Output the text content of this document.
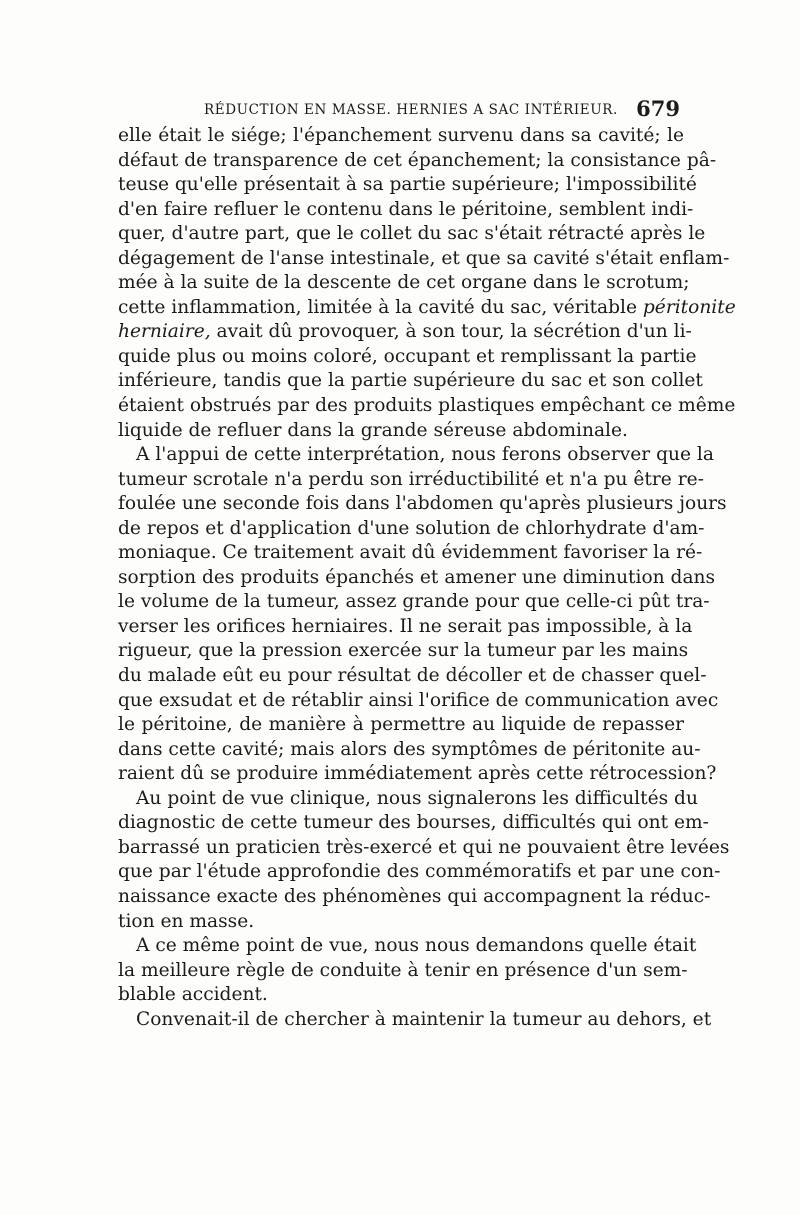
RÉDUCTION EN MASSE. HERNIES A SAC INTÉRIEUR. 679
elle était le siége; l'épanchement survenu dans sa cavité; le
défaut de transparence de cet épanchement; la consistance pâ-
teuse qu'elle présentait à sa partie supérieure; l'impossibilité
d'en faire refluer le contenu dans le péritoine, semblent indi-
quer, d'autre part, que le collet du sac s'était rétracté après le
dégagement de l'anse intestinale, et que sa cavité s'était enflam-
mée à la suite de la descente de cet organe dans le scrotum;
cette inflammation, limitée à la cavité du sac, véritable péritonite
herniaire, avait dû provoquer, à son tour, la sécrétion d'un li-
quide plus ou moins coloré, occupant et remplissant la partie
inférieure, tandis que la partie supérieure du sac et son collet
étaient obstrués par des produits plastiques empêchant ce même
liquide de refluer dans la grande séreuse abdominale.
A l'appui de cette interprétation, nous ferons observer que la
tumeur scrotale n'a perdu son irréductibilité et n'a pu être re-
foulée une seconde fois dans l'abdomen qu'après plusieurs jours
de repos et d'application d'une solution de chlorhydrate d'am-
moniaque. Ce traitement avait dû évidemment favoriser la ré-
sorption des produits épanchés et amener une diminution dans
le volume de la tumeur, assez grande pour que celle-ci pût tra-
verser les orifices herniaires. Il ne serait pas impossible, à la
rigueur, que la pression exercée sur la tumeur par les mains
du malade eût eu pour résultat de décoller et de chasser quel-
que exsudat et de rétablir ainsi l'orifice de communication avec
le péritoine, de manière à permettre au liquide de repasser
dans cette cavité; mais alors des symptômes de péritonite au-
raient dû se produire immédiatement après cette rétrocession?
Au point de vue clinique, nous signalerons les difficultés du
diagnostic de cette tumeur des bourses, difficultés qui ont em-
barrassé un praticien très-exercé et qui ne pouvaient être levées
que par l'étude approfondie des commémoratifs et par une con-
naissance exacte des phénomènes qui accompagnent la réduc-
tion en masse.
A ce même point de vue, nous nous demandons quelle était
la meilleure règle de conduite à tenir en présence d'un sem-
blable accident.
Convenait-il de chercher à maintenir la tumeur au dehors, et
